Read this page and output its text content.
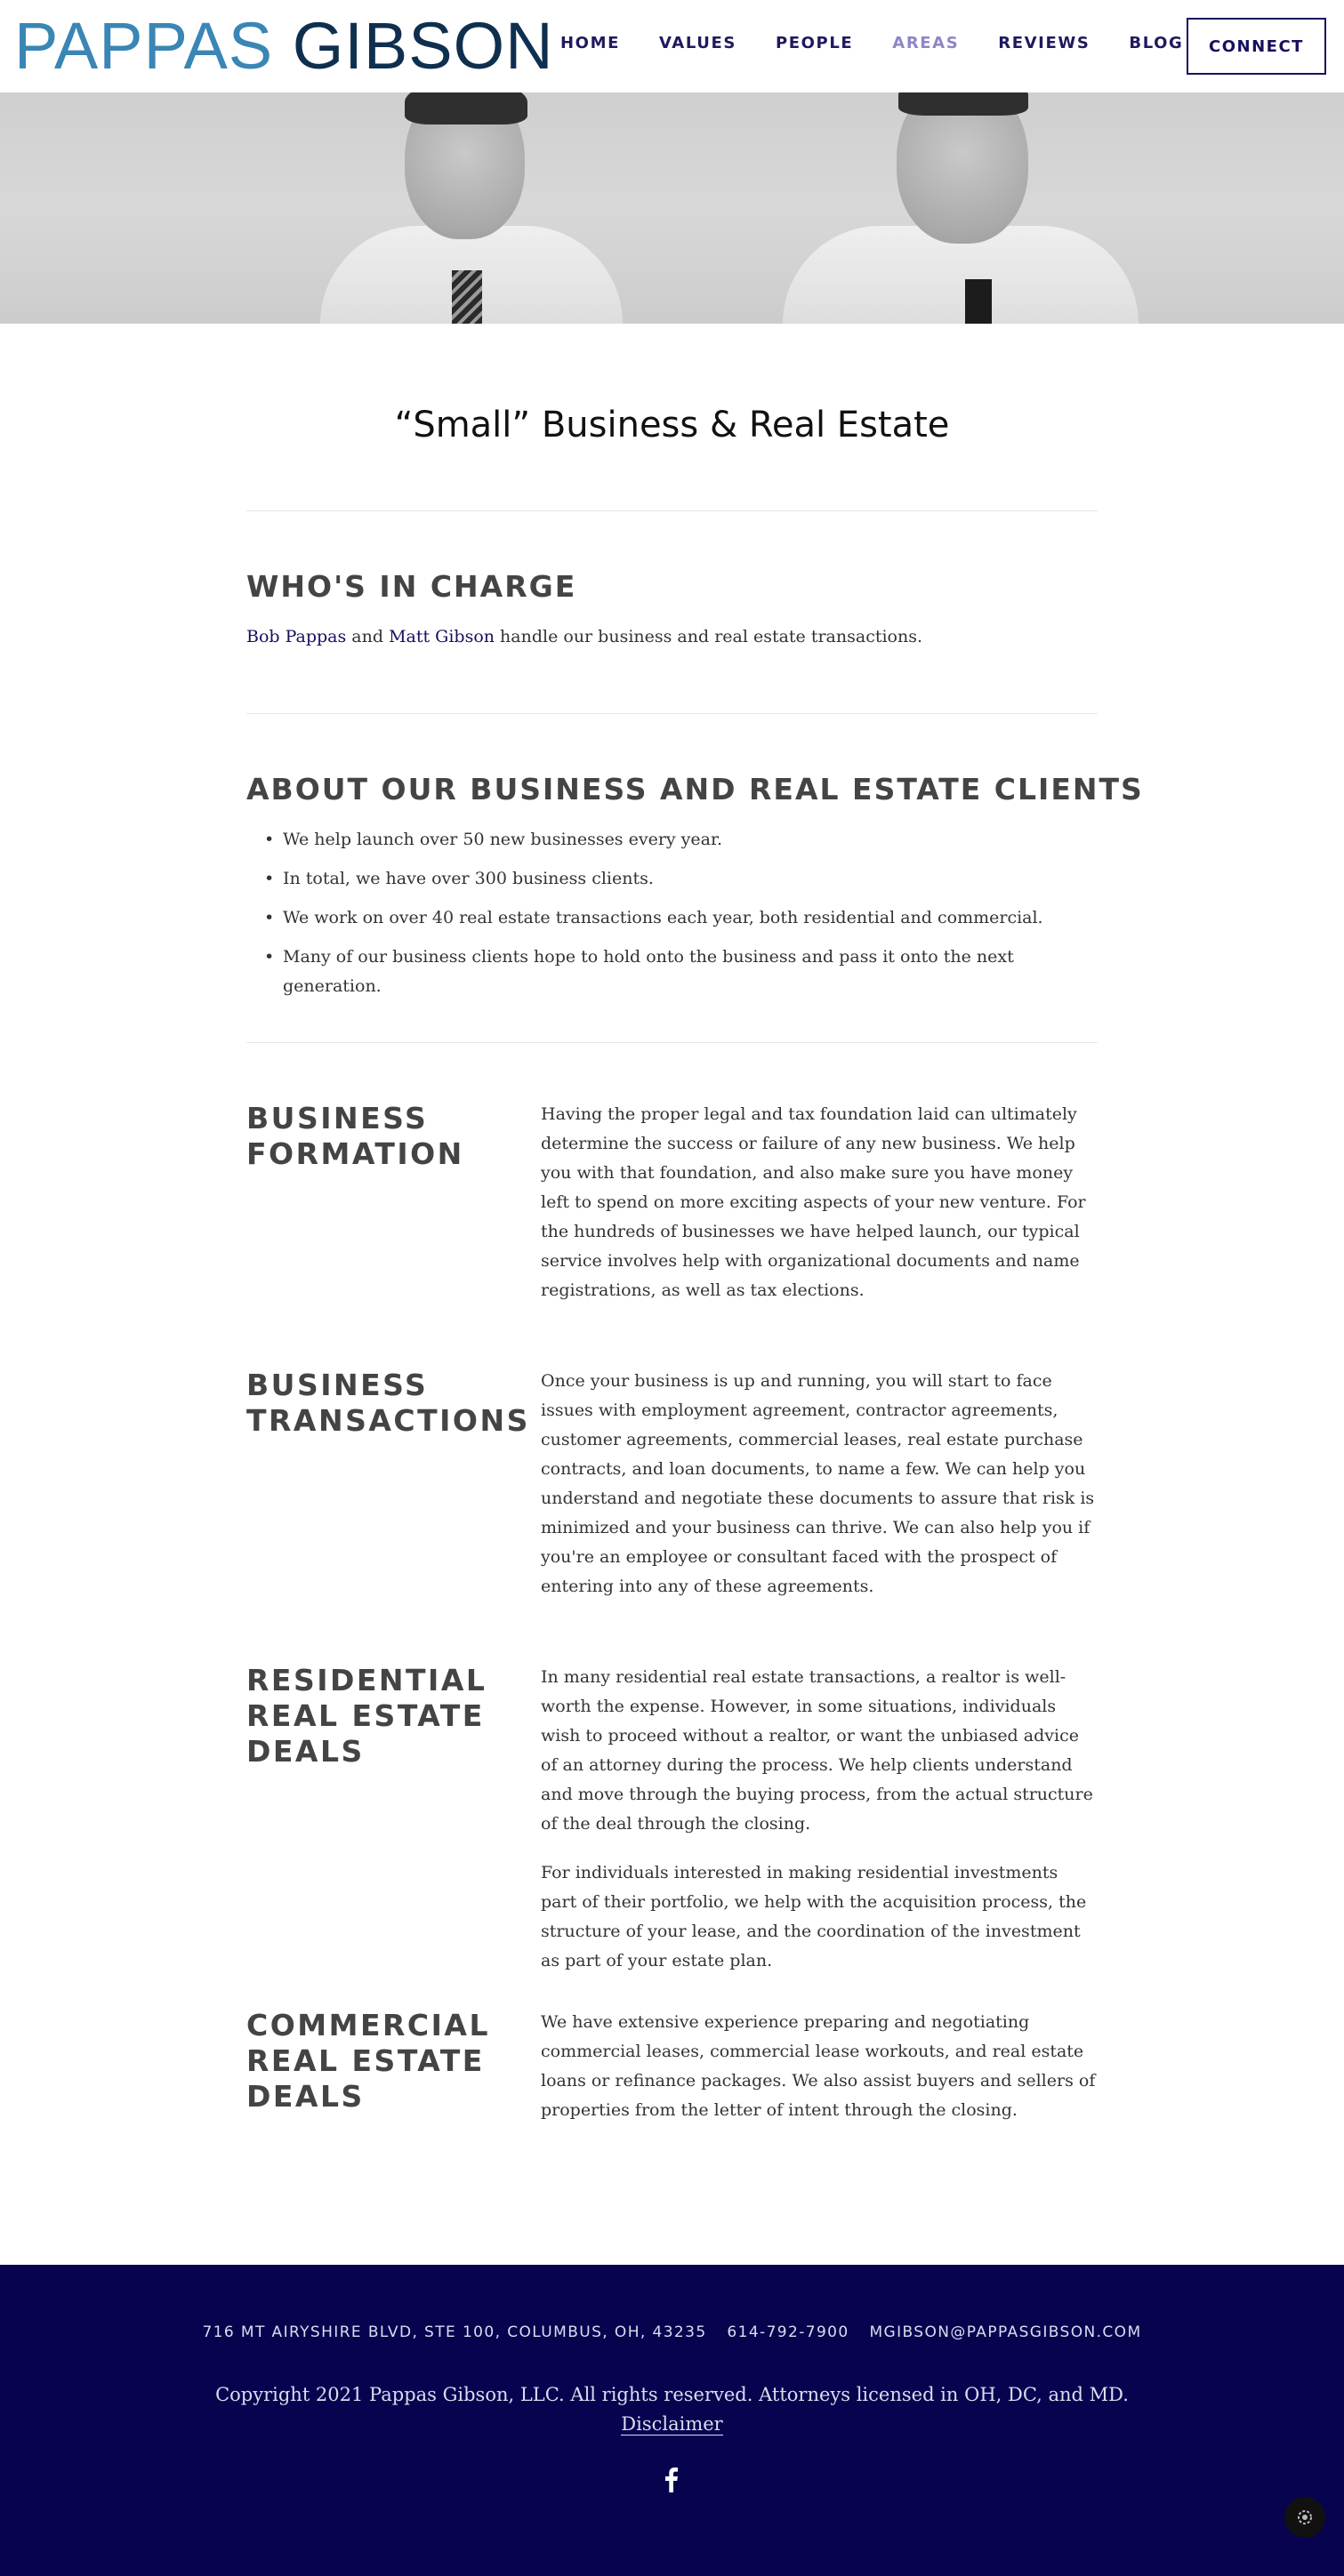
PAPPAS GIBSON HOME VALUES PEOPLE AREAS REVIEWS BLOG	CONNECT
“Small” Business & Real Estate
WHO'S IN CHARGE

Bob Pappas and Matt Gibson handle our business and real estate transactions.

ABOUT OUR BUSINESS AND REAL ESTATE CLIENTS
• We help launch over 50 new businesses every year.
• In total, we have over 300 business clients.
• We work on over 40 real estate transactions each year, both residential and commercial.
• Many of our business clients hope to hold onto the business and pass it onto the next generation.
BUSINESS FORMATION

Having the proper legal and tax foundation laid can ultimately determine the success or failure of any new business. We help you with that foundation, and also make sure you have money left to spend on more exciting aspects of your new venture. For the hundreds of businesses we have helped launch, our typical service involves help with organizational documents and name registrations, as well as tax elections.

BUSINESS TRANSACTIONS

Once your business is up and running, you will start to face issues with employment agreement, contractor agreements, customer agreements, commercial leases, real estate purchase contracts, and loan documents, to name a few. We can help you understand and negotiate these documents to assure that risk is minimized and your business can thrive. We can also help you if you're an employee or consultant faced with the prospect of entering into any of these agreements.

RESIDENTIAL REAL ESTATE DEALS

In many residential real estate transactions, a realtor is well-worth the expense. However, in some situations, individuals wish to proceed without a realtor, or want the unbiased advice of an attorney during the process. We help clients understand and move through the buying process, from the actual structure of the deal through the closing.

For individuals interested in making residential investments part of their portfolio, we help with the acquisition process, the structure of your lease, and the coordination of the investment as part of your estate plan.

COMMERCIAL REAL ESTATE DEALS

We have extensive experience preparing and negotiating commercial leases, commercial lease workouts, and real estate loans or refinance packages. We also assist buyers and sellers of properties from the letter of intent through the closing.

716 MT AIRYSHIRE BLVD, STE 100, COLUMBUS, OH, 43235 614-792-7900 MGIBSON@PAPPASGIBSON.COM
Copyright 2021 Pappas Gibson, LLC. All rights reserved. Attorneys licensed in OH, DC, and MD.
Disclaimer
